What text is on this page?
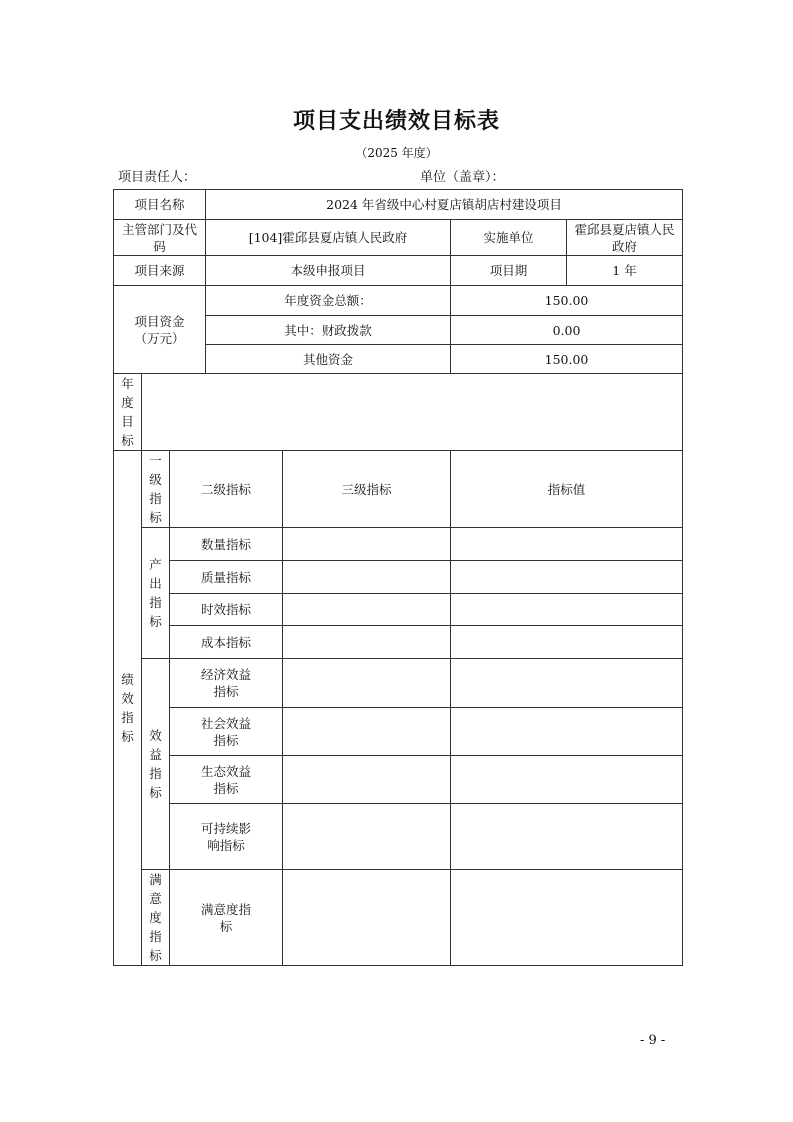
项目支出绩效目标表
（2025 年度）
项目责任人：	单位（盖章）：
项目名称			2024 年省级中心村夏店镇胡店村建设项目			
主管部门及代码			[104]霍邱县夏店镇人民政府		实施单位	霍邱县夏店镇人民政府
项目来源			本级申报项目		项目期	1 年
项目资金（万元）			年度资金总额：		150.00	
			其中：财政拨款		0.00	
			其他资金		150.00	
年度目标						
绩效指标	一级指标	二级指标		三级指标	指标值	
	产出指标	数量指标				
		质量指标				
		时效指标				
		成本指标				
	效益指标	经济效益指标				
		社会效益指标				
		生态效益指标				
		可持续影响指标				
	满意度指标	满意度指标				
- 9 -
